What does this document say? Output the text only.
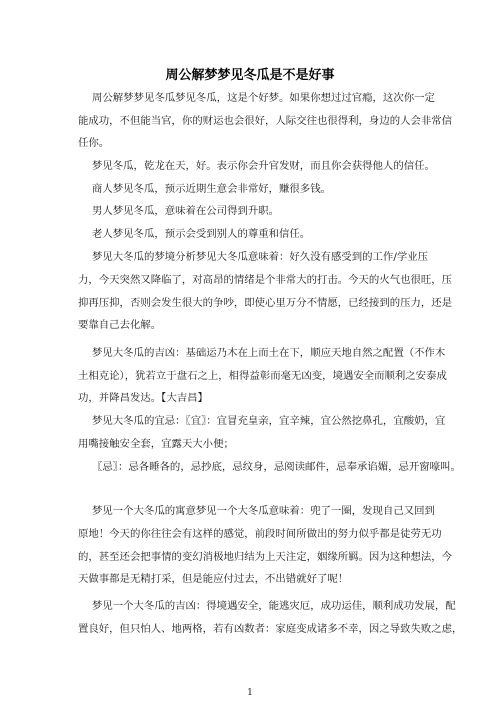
周公解梦梦见冬瓜是不是好事
周公解梦梦见冬瓜梦见冬瓜，这是个好梦。如果你想过过官瘾，这次你一定
能成功，不但能当官，你的财运也会很好，人际交往也很得利，身边的人会非常信
任你。
梦见冬瓜，乾龙在天，好。表示你会升官发财，而且你会获得他人的信任。
商人梦见冬瓜，预示近期生意会非常好，赚很多钱。
男人梦见冬瓜，意味着在公司得到升职。
老人梦见冬瓜，预示会受到别人的尊重和信任。
梦见大冬瓜的梦境分析梦见大冬瓜意味着：好久没有感受到的工作/学业压
力，今天突然又降临了，对高昂的情绪是个非常大的打击。今天的火气也很旺，压
抑再压抑，否则会发生很大的争吵，即使心里万分不情愿，已经接到的压力，还是
要靠自己去化解。
梦见大冬瓜的吉凶：基础运乃木在上而土在下，顺应天地自然之配置（不作木
土相克论），犹若立于盘石之上，相得益彰而毫无凶变，境遇安全而顺利之安泰成
功，并降昌发达。【大吉昌】
梦见大冬瓜的宜忌：〖宜〗：宜冒充皇亲，宜辛辣，宜公然挖鼻孔，宜酸奶，宜
用嘴接触安全套，宜露天大小便；
〖忌〗：忌各睡各的，忌抄底，忌纹身，忌阅读邮件，忌奉承谄媚，忌开窗嚎叫。
梦见一个大冬瓜的寓意梦见一个大冬瓜意味着：兜了一圈，发现自己又回到
原地！今天的你往往会有这样的感觉，前段时间所做出的努力似乎都是徒劳无功
的，甚至还会把事情的变幻消极地归结为上天注定，姻缘所羁。因为这种想法，今
天做事都是无精打采，但是能应付过去，不出错就好了呢！
梦见一个大冬瓜的吉凶：得境遇安全，能逃灾厄，成功运佳，顺利成功发展，配
置良好，但只怕人、地两格，若有凶数者：家庭变成诸多不幸，因之导致失败之虑，
1
